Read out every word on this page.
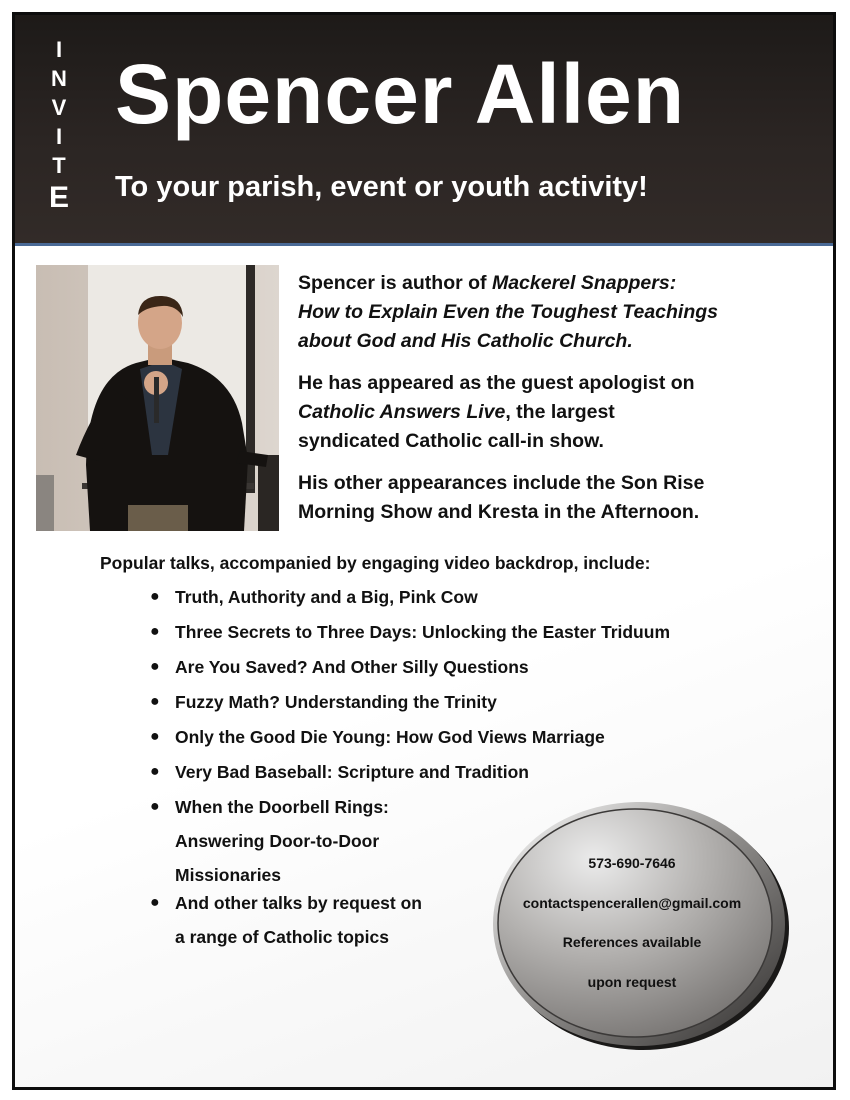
I
N
V
I
T
E
Spencer Allen
To your parish, event or youth activity!

Spencer is author of Mackerel Snappers:
How to Explain Even the Toughest Teachings
about God and His Catholic Church.

He has appeared as the guest apologist on
Catholic Answers Live, the largest
syndicated Catholic call-in show.

His other appearances include the Son Rise
Morning Show and Kresta in the Afternoon.

Popular talks, accompanied by engaging video backdrop, include:

● Truth, Authority and a Big, Pink Cow
● Three Secrets to Three Days: Unlocking the Easter Triduum
● Are You Saved? And Other Silly Questions
● Fuzzy Math? Understanding the Trinity
● Only the Good Die Young: How God Views Marriage
● Very Bad Baseball: Scripture and Tradition
● When the Doorbell Rings:
Answering Door-to-Door
Missionaries
● And other talks by request on
a range of Catholic topics
573-690-7646
contactspencerallen@gmail.com
References available
upon request
